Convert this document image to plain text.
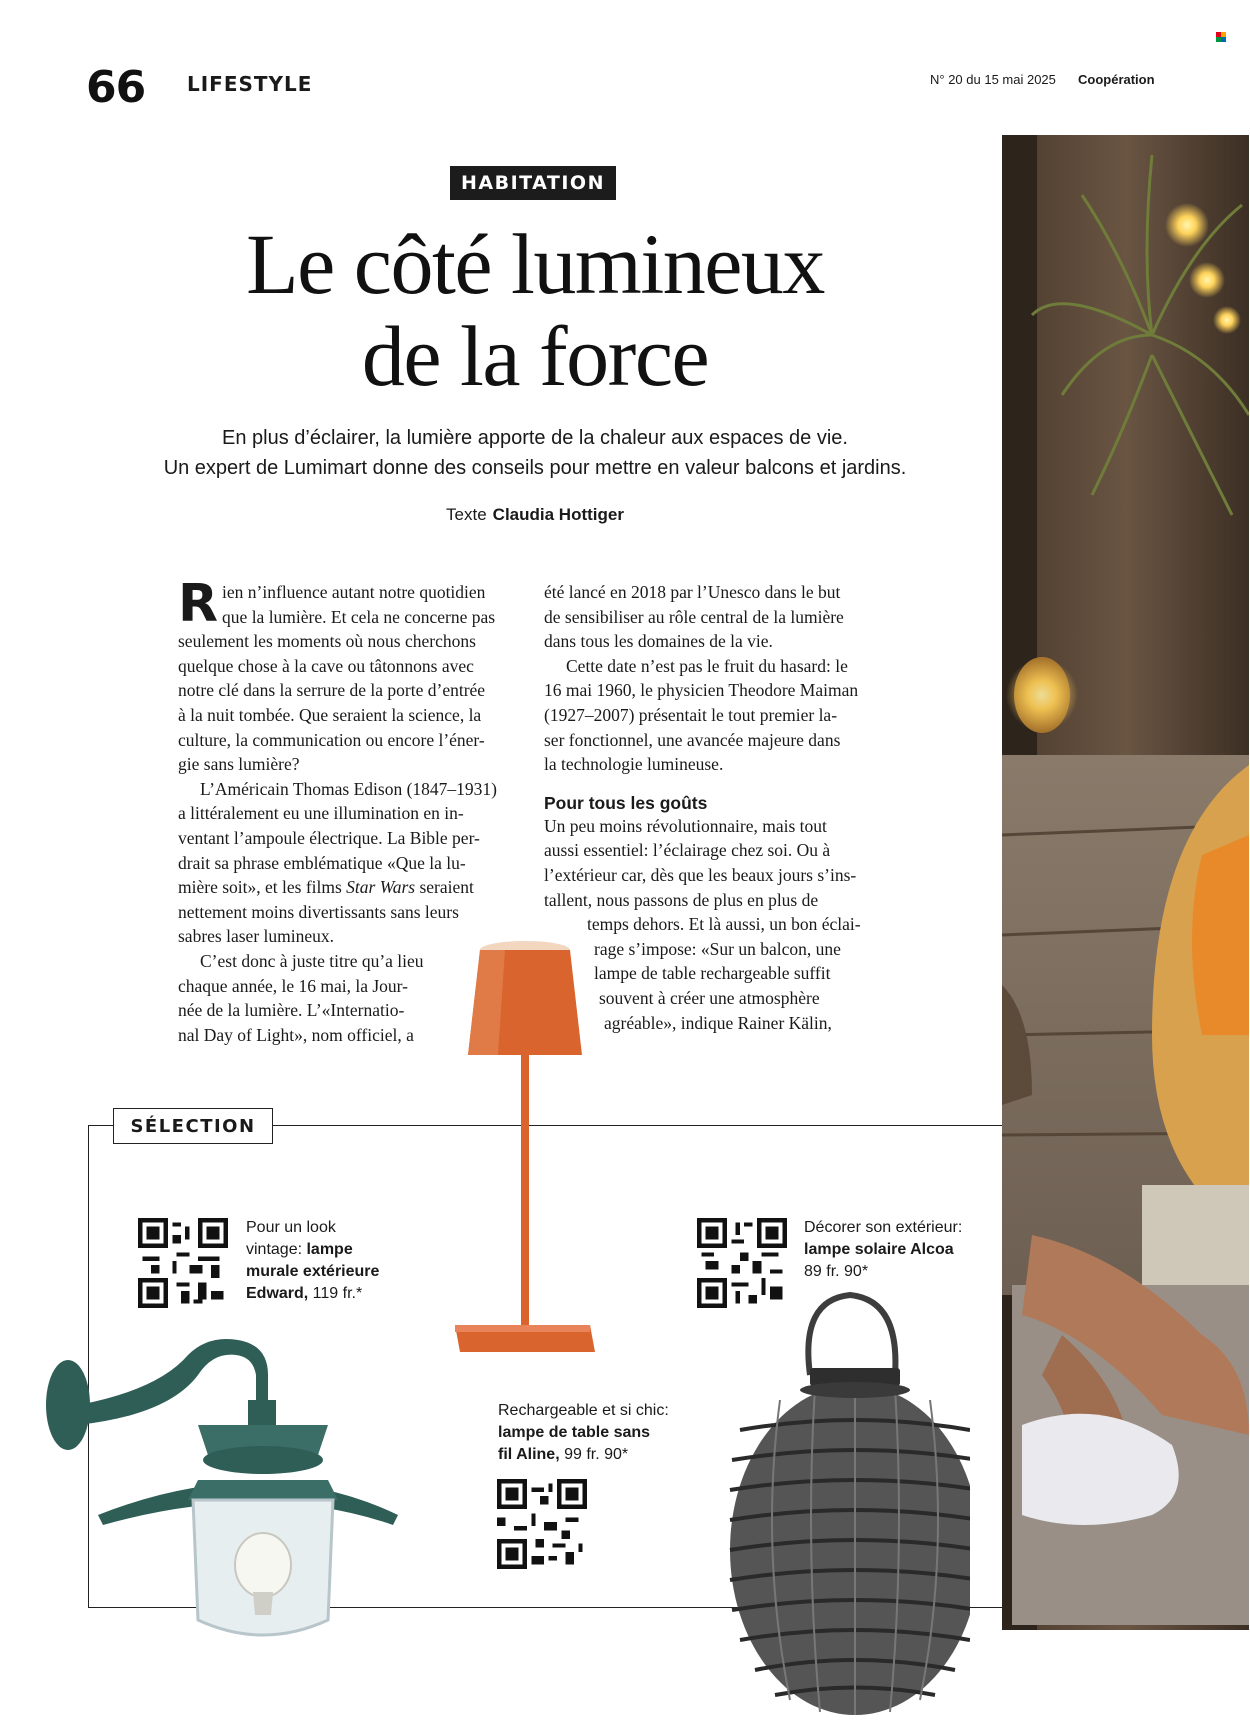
66 LIFESTYLE	N° 20 du 15 mai 2025 Coopération
HABITATION
Le côté lumineux
de la force
En plus d’éclairer, la lumière apporte de la chaleur aux espaces de vie.
Un expert de Lumimart donne des conseils pour mettre en valeur balcons et jardins.
Texte Claudia Hottiger

R ien n’influence autant notre quotidien
que la lumière. Et cela ne concerne pas
seulement les moments où nous cherchons
quelque chose à la cave ou tâtonnons avec
notre clé dans la serrure de la porte d’entrée
à la nuit tombée. Que seraient la science, la
culture, la communication ou encore l’éner-
gie sans lumière?

L’Américain Thomas Edison (1847–1931)
a littéralement eu une illumination en in-
ventant l’ampoule électrique. La Bible per-
drait sa phrase emblématique «Que la lu-
mière soit», et les films Star Wars seraient
nettement moins divertissants sans leurs
sabres laser lumineux.

C’est donc à juste titre qu’a lieu
chaque année, le 16 mai, la Jour-
née de la lumière. L’«Internatio-
nal Day of Light», nom officiel, a

été lancé en 2018 par l’Unesco dans le but
de sensibiliser au rôle central de la lumière
dans tous les domaines de la vie.

Cette date n’est pas le fruit du hasard: le
16 mai 1960, le physicien Theodore Maiman
(1927–2007) présentait le tout premier la-
ser fonctionnel, une avancée majeure dans
la technologie lumineuse.

Pour tous les goûts

Un peu moins révolutionnaire, mais tout
aussi essentiel: l’éclairage chez soi. Ou à
l’extérieur car, dès que les beaux jours s’ins-
tallent, nous passons de plus en plus de
temps dehors. Et là aussi, un bon éclai-
rage s’impose: «Sur un balcon, une
lampe de table rechargeable suffit
souvent à créer une atmosphère
agréable», indique Rainer Kälin,

SÉLECTION
Pour un look
vintage: lampe
murale extérieure
Edward, 119 fr.*
Décorer son extérieur:
lampe solaire Alcoa
89 fr. 90*
Rechargeable et si chic:
lampe de table sans
fil Aline, 99 fr. 90*
